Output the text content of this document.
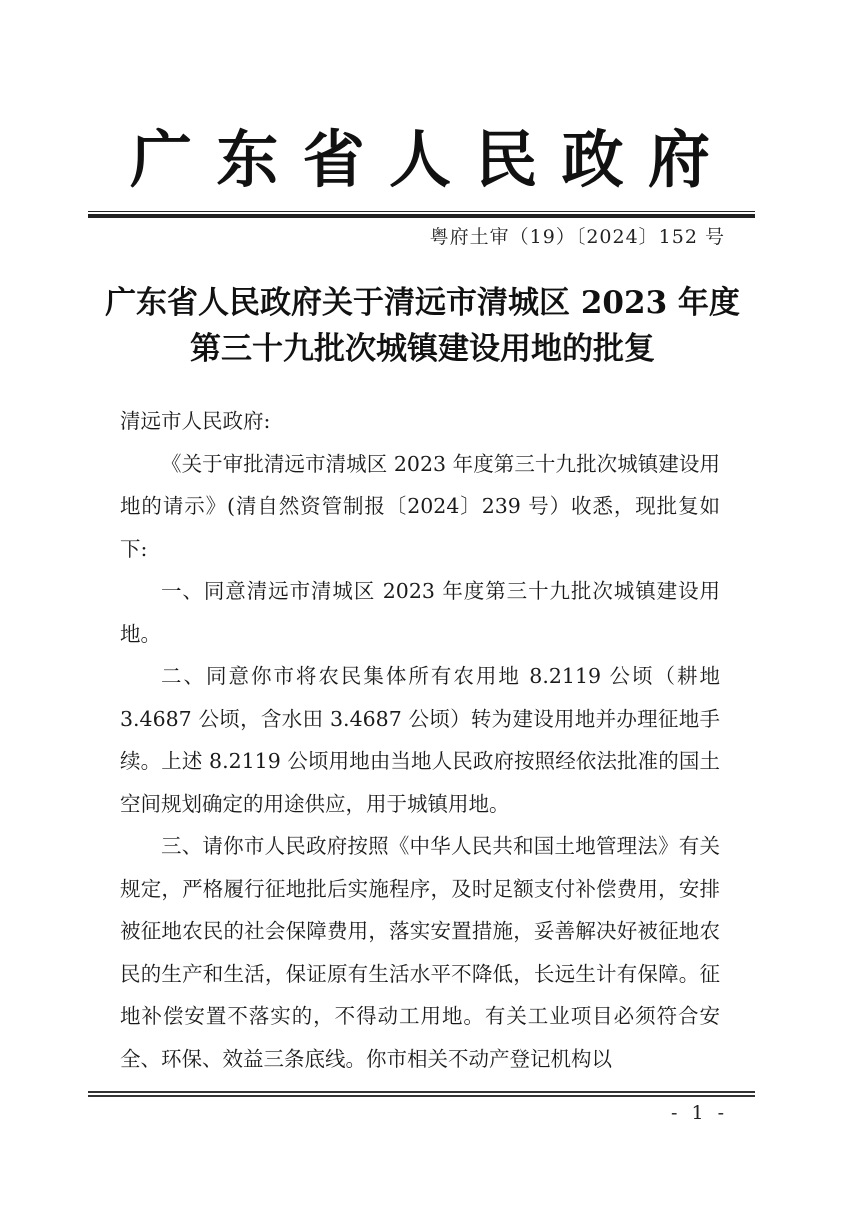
广 东 省 人 民 政 府
粤府土审（19）〔2024〕152 号
广东省人民政府关于清远市清城区 2023 年度
第三十九批次城镇建设用地的批复

清远市人民政府:

《关于审批清远市清城区 2023 年度第三十九批次城镇建设用地的请示》(清自然资管制报〔2024〕239 号）收悉，现批复如下:

一、同意清远市清城区 2023 年度第三十九批次城镇建设用地。

二、同意你市将农民集体所有农用地 8.2119 公顷（耕地 3.4687 公顷，含水田 3.4687 公顷）转为建设用地并办理征地手续。上述 8.2119 公顷用地由当地人民政府按照经依法批准的国土空间规划确定的用途供应，用于城镇用地。

三、请你市人民政府按照《中华人民共和国土地管理法》有关规定，严格履行征地批后实施程序，及时足额支付补偿费用，安排被征地农民的社会保障费用，落实安置措施，妥善解决好被征地农民的生产和生活，保证原有生活水平不降低，长远生计有保障。征地补偿安置不落实的，不得动工用地。有关工业项目必须符合安全、环保、效益三条底线。你市相关不动产登记机构以

- 1 -
